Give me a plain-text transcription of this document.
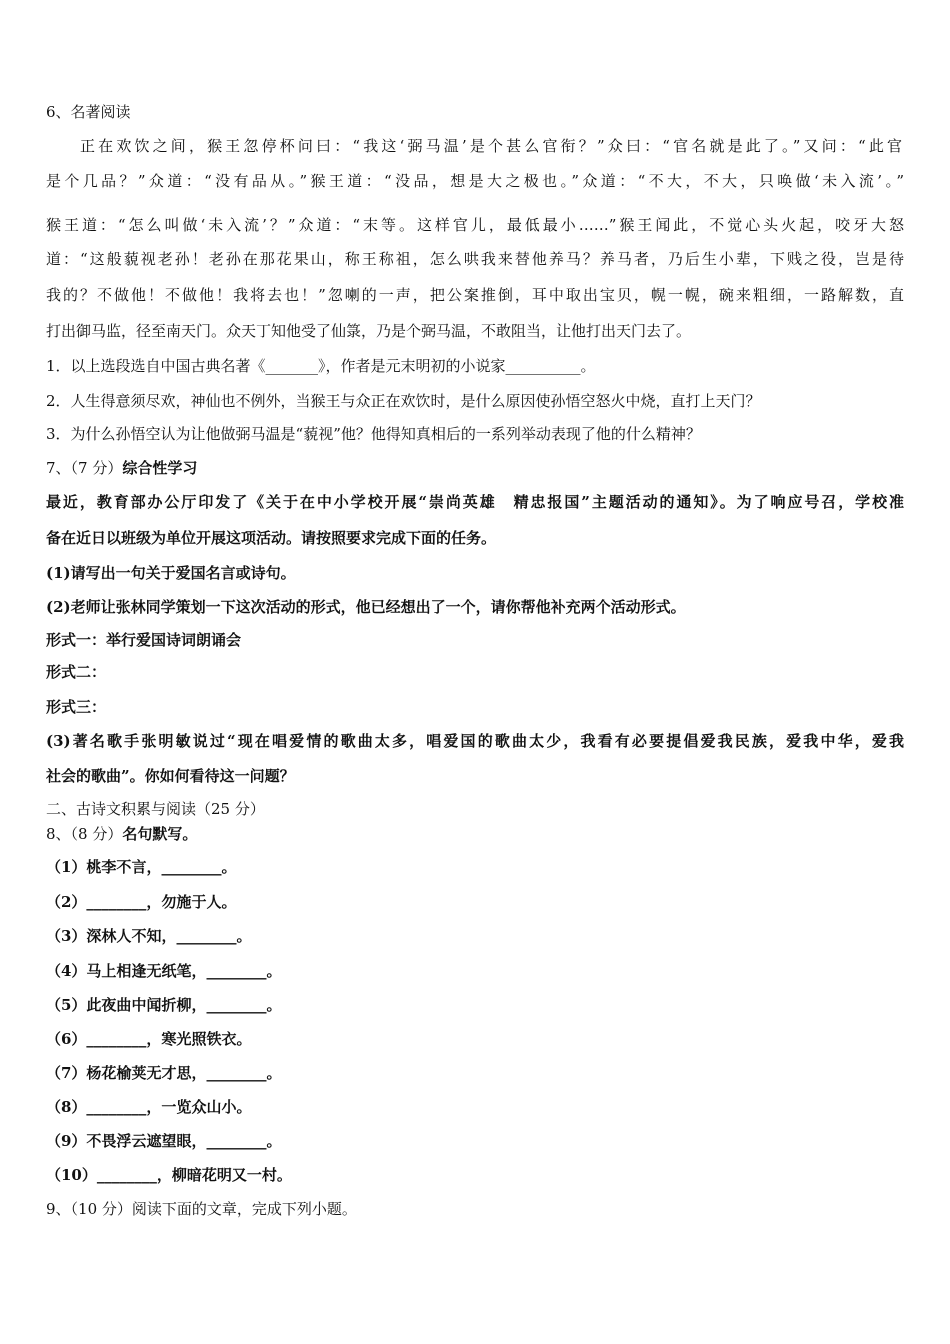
6、名著阅读
正在欢饮之间，猴王忽停杯问曰：“我这‘弼马温’是个甚么官衔？”众曰：“官名就是此了。”又问：“此官
是个几品？”众道：“没有品从。”猴王道：“没品，想是大之极也。”众道：“不大，不大，只唤做‘未入流’。”
猴王道：“怎么叫做‘未入流’？”众道：“末等。这样官儿，最低最小……”猴王闻此，不觉心头火起，咬牙大怒
道：“这般藐视老孙！老孙在那花果山，称王称祖，怎么哄我来替他养马？养马者，乃后生小辈，下贱之役，岂是待
我的？不做他！不做他！我将去也！”忽喇的一声，把公案推倒，耳中取出宝贝，幌一幌，碗来粗细，一路解数，直
打出御马监，径至南天门。众天丁知他受了仙箓，乃是个弼马温，不敢阻当，让他打出天门去了。
1．以上选段选自中国古典名著《_______》，作者是元末明初的小说家__________。
2．人生得意须尽欢，神仙也不例外，当猴王与众正在欢饮时，是什么原因使孙悟空怒火中烧，直打上天门？
3．为什么孙悟空认为让他做弼马温是“藐视”他？他得知真相后的一系列举动表现了他的什么精神？
7、（7 分）综合性学习
最近，教育部办公厅印发了《关于在中小学校开展“崇尚英雄　精忠报国”主题活动的通知》。为了响应号召，学校准
备在近日以班级为单位开展这项活动。请按照要求完成下面的任务。
(1)请写出一句关于爱国名言或诗句。
(2)老师让张林同学策划一下这次活动的形式，他已经想出了一个，请你帮他补充两个活动形式。
形式一：举行爱国诗词朗诵会
形式二：
形式三：
(3)著名歌手张明敏说过“现在唱爱情的歌曲太多，唱爱国的歌曲太少，我看有必要提倡爱我民族，爱我中华，爱我
社会的歌曲”。你如何看待这一问题？
二、古诗文积累与阅读（25 分）
8、（8 分）名句默写。
（1）桃李不言，________。
（2）________，勿施于人。
（3）深林人不知，________。
（4）马上相逢无纸笔，________。
（5）此夜曲中闻折柳，________。
（6）________，寒光照铁衣。
（7）杨花榆荚无才思，________。
（8）________，一览众山小。
（9）不畏浮云遮望眼，________。
（10）________，柳暗花明又一村。
9、（10 分）阅读下面的文章，完成下列小题。
